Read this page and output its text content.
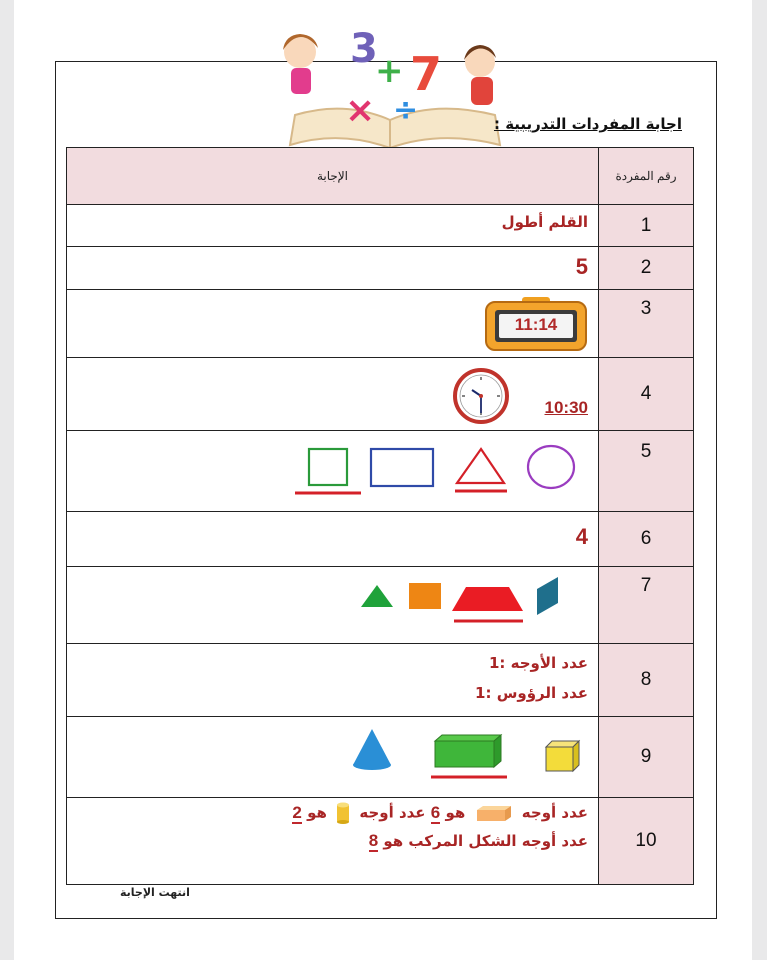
3 7
+
÷
×	اجابة المفردات التدريبية :
رقم المفردة	الإجابة

1	القلم أطول

2	5

3	11:14

4	10:30

5

6	4

7

8	عدد الأوجه :1
عدد الرؤوس :1

9

10	عدد أوجه  هو 6 عدد أوجه  هو 2
عدد أوجه الشكل المركب هو 8
انتهت الإجابة
